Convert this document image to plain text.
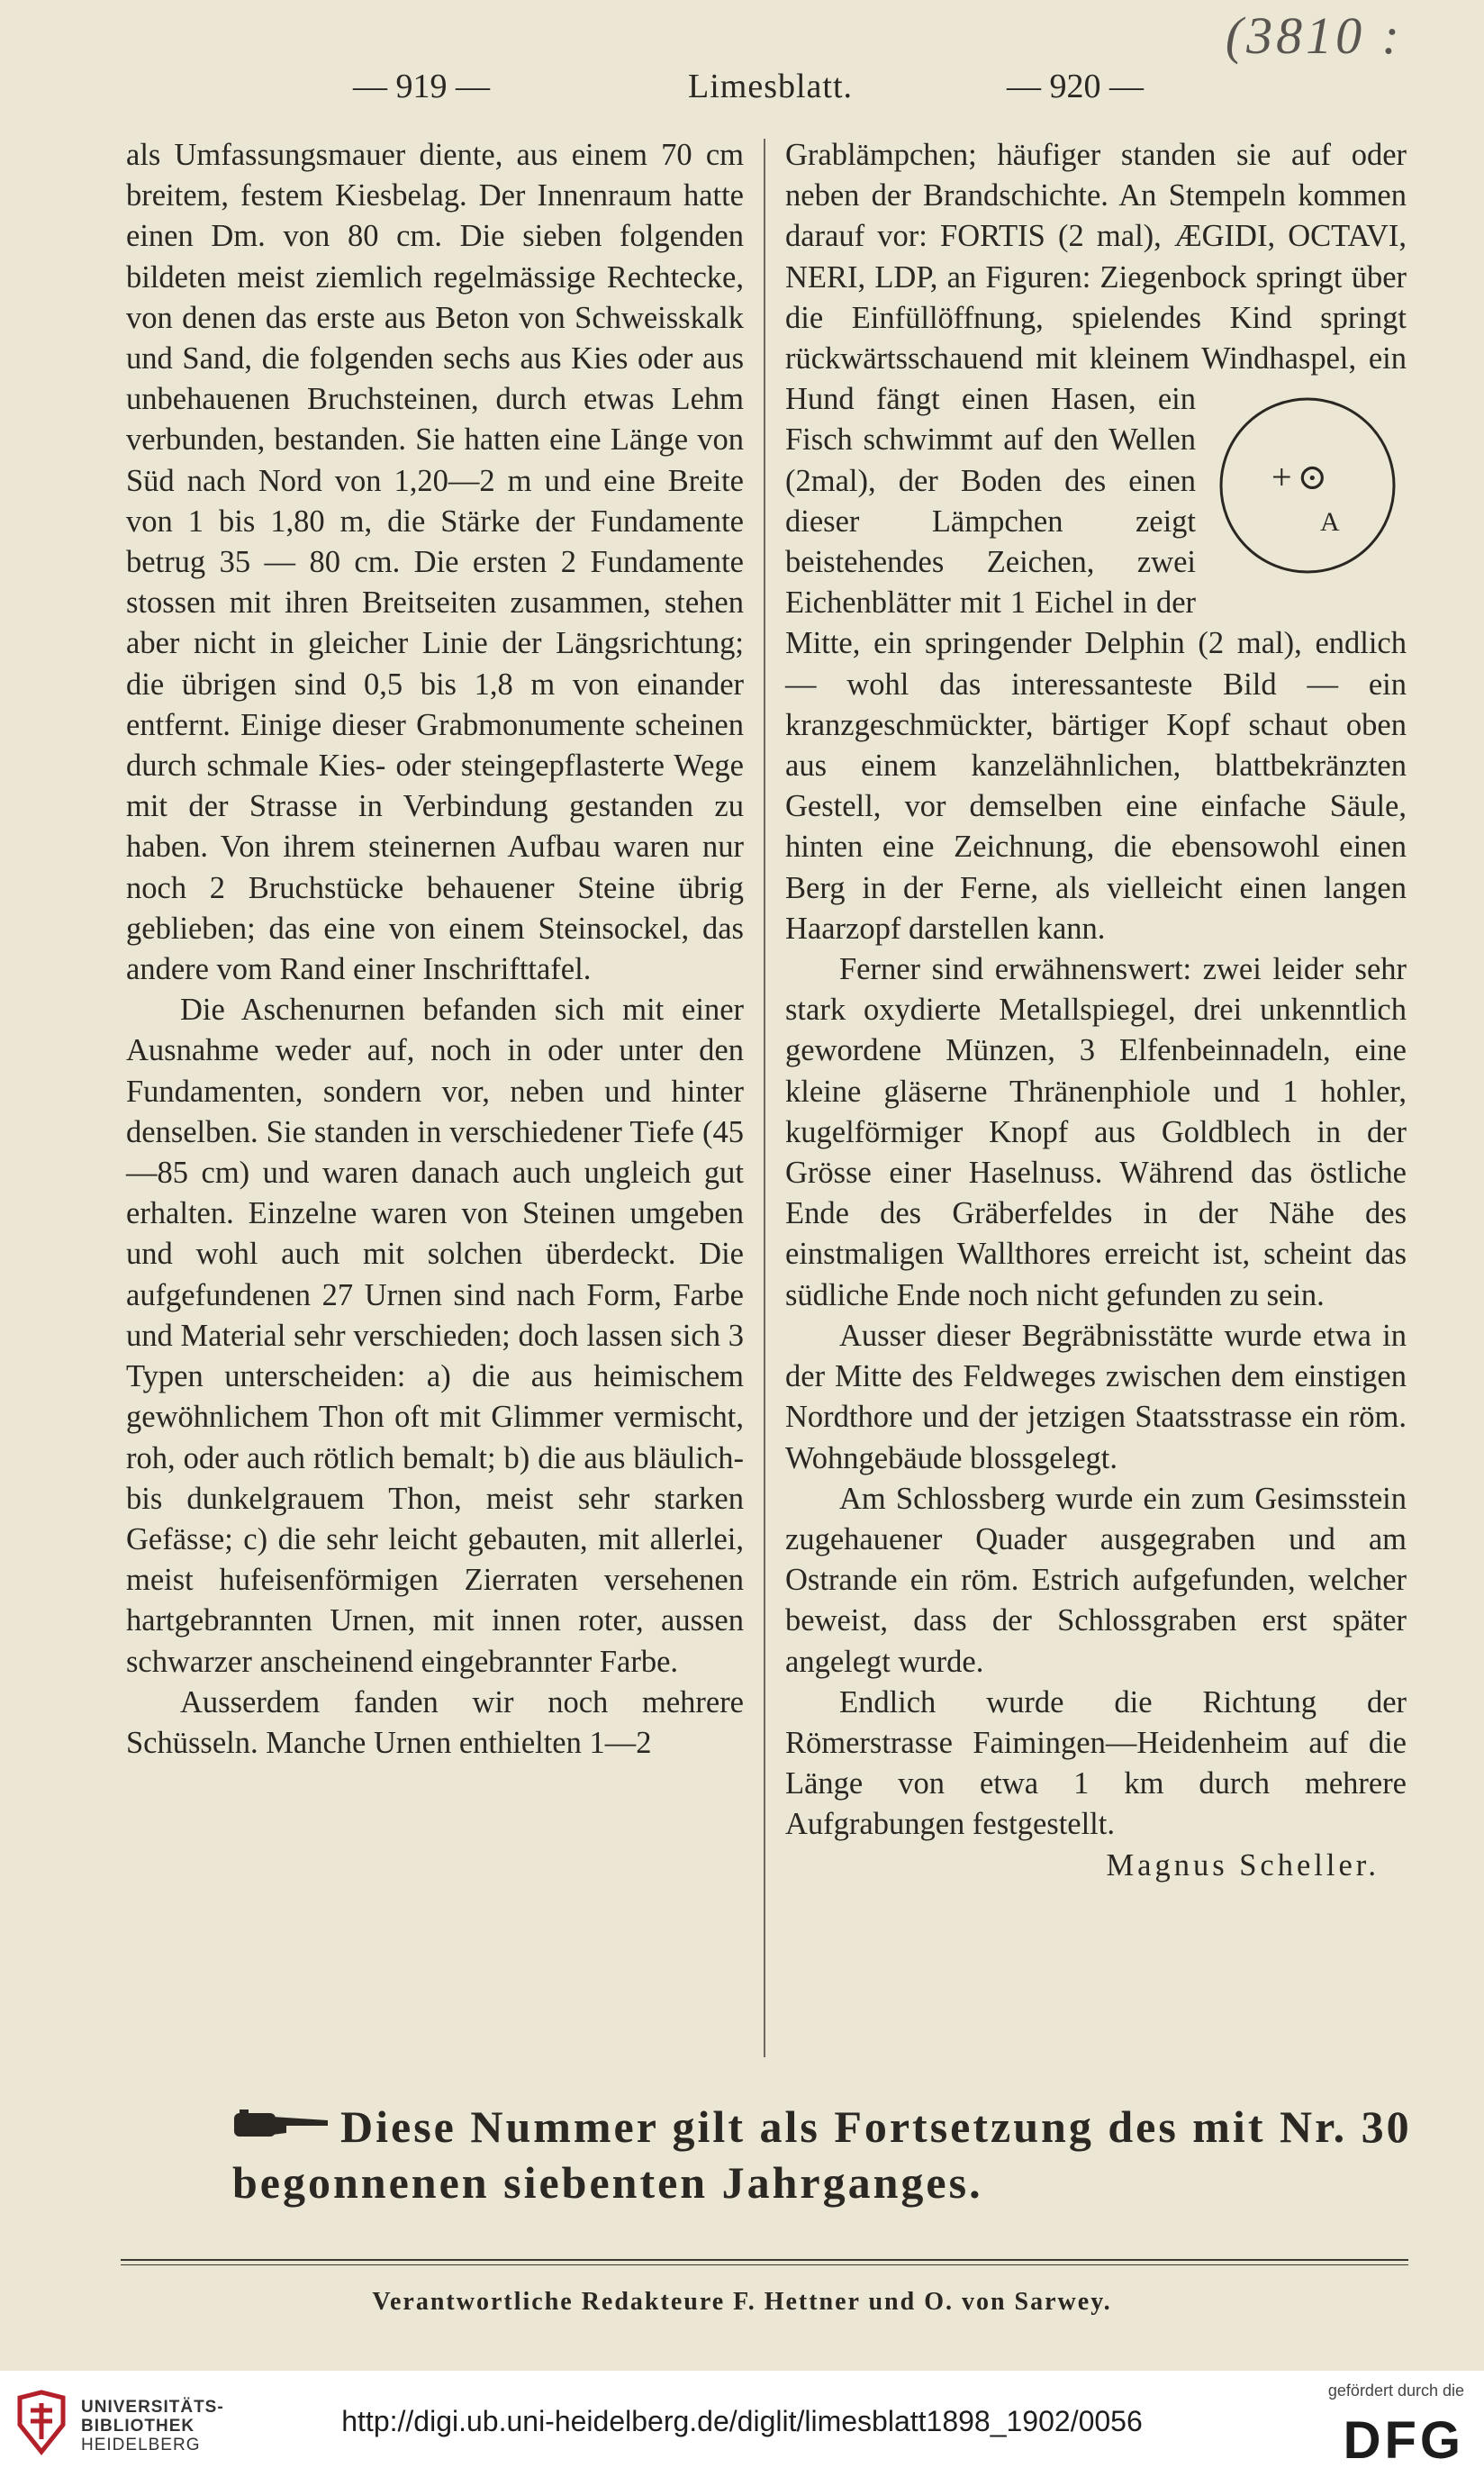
(3810 :
— 919 —	Limesblatt.	— 920 —

als Umfassungsmauer diente, aus einem 70 cm breitem, festem Kiesbelag. Der Innenraum hatte einen Dm. von 80 cm. Die sieben folgenden bildeten meist ziemlich regelmässige Rechtecke, von denen das erste aus Beton von Schweisskalk und Sand, die folgenden sechs aus Kies oder aus unbehauenen Bruchsteinen, durch etwas Lehm verbunden, bestanden. Sie hatten eine Länge von Süd nach Nord von 1,20—2 m und eine Breite von 1 bis 1,80 m, die Stärke der Fundamente betrug 35 — 80 cm. Die ersten 2 Fundamente stossen mit ihren Breitseiten zusammen, stehen aber nicht in gleicher Linie der Längsrichtung; die übrigen sind 0,5 bis 1,8 m von einander entfernt. Einige dieser Grabmonumente scheinen durch schmale Kies- oder steingepflasterte Wege mit der Strasse in Verbindung gestanden zu haben. Von ihrem steinernen Aufbau waren nur noch 2 Bruchstücke behauener Steine übrig geblieben; das eine von einem Steinsockel, das andere vom Rand einer Inschrifttafel.

Die Aschenurnen befanden sich mit einer Ausnahme weder auf, noch in oder unter den Fundamenten, sondern vor, neben und hinter denselben. Sie standen in verschiedener Tiefe (45—85 cm) und waren danach auch ungleich gut erhalten. Einzelne waren von Steinen umgeben und wohl auch mit solchen überdeckt. Die aufgefundenen 27 Urnen sind nach Form, Farbe und Material sehr verschieden; doch lassen sich 3 Typen unterscheiden: a) die aus heimischem gewöhnlichem Thon oft mit Glimmer vermischt, roh, oder auch rötlich bemalt; b) die aus bläulich- bis dunkelgrauem Thon, meist sehr starken Gefässe; c) die sehr leicht gebauten, mit allerlei, meist hufeisenförmigen Zierraten versehenen hartgebrannten Urnen, mit innen roter, aussen schwarzer anscheinend eingebrannter Farbe.

Ausserdem fanden wir noch mehrere Schüsseln. Manche Urnen enthielten 1—2

Grablämpchen; häufiger standen sie auf oder neben der Brandschichte. An Stempeln kommen darauf vor: FORTIS (2 mal), ÆGIDI, OCTAVI, NERI, LDP, an Figuren: Ziegenbock springt über die Einfüllöffnung, spielendes Kind springt rückwärtsschauend mit kleinem Windhaspel,
+⊙
A
ein Hund fängt einen Hasen, ein Fisch schwimmt auf den Wellen (2mal), der Boden des einen dieser Lämpchen zeigt beistehendes Zeichen, zwei Eichenblätter mit 1 Eichel in der Mitte, ein springender Delphin (2 mal), endlich — wohl das interessanteste Bild — ein kranzgeschmückter, bärtiger Kopf schaut oben aus einem kanzelähnlichen, blattbekränzten Gestell, vor demselben eine einfache Säule, hinten eine Zeichnung, die ebensowohl einen Berg in der Ferne, als vielleicht einen langen Haarzopf darstellen kann.

Ferner sind erwähnenswert: zwei leider sehr stark oxydierte Metallspiegel, drei unkenntlich gewordene Münzen, 3 Elfenbeinnadeln, eine kleine gläserne Thränenphiole und 1 hohler, kugelförmiger Knopf aus Goldblech in der Grösse einer Haselnuss. Während das östliche Ende des Gräberfeldes in der Nähe des einstmaligen Wallthores erreicht ist, scheint das südliche Ende noch nicht gefunden zu sein.

Ausser dieser Begräbnisstätte wurde etwa in der Mitte des Feldweges zwischen dem einstigen Nordthore und der jetzigen Staatsstrasse ein röm. Wohngebäude blossgelegt.

Am Schlossberg wurde ein zum Gesimsstein zugehauener Quader ausgegraben und am Ostrande ein röm. Estrich aufgefunden, welcher beweist, dass der Schlossgraben erst später angelegt wurde.

Endlich wurde die Richtung der Römerstrasse Faimingen—Heidenheim auf die Länge von etwa 1 km durch mehrere Aufgrabungen festgestellt.

Magnus Scheller.

Diese Nummer gilt als Fortsetzung des mit Nr. 30 begonnenen siebenten Jahrganges.
Verantwortliche Redakteure F. Hettner und O. von Sarwey.
UNIVERSITÄTS-
BIBLIOTHEK
HEIDELBERG
http://digi.ub.uni-heidelberg.de/diglit/limesblatt1898_1902/0056
gefördert durch die
DFG
